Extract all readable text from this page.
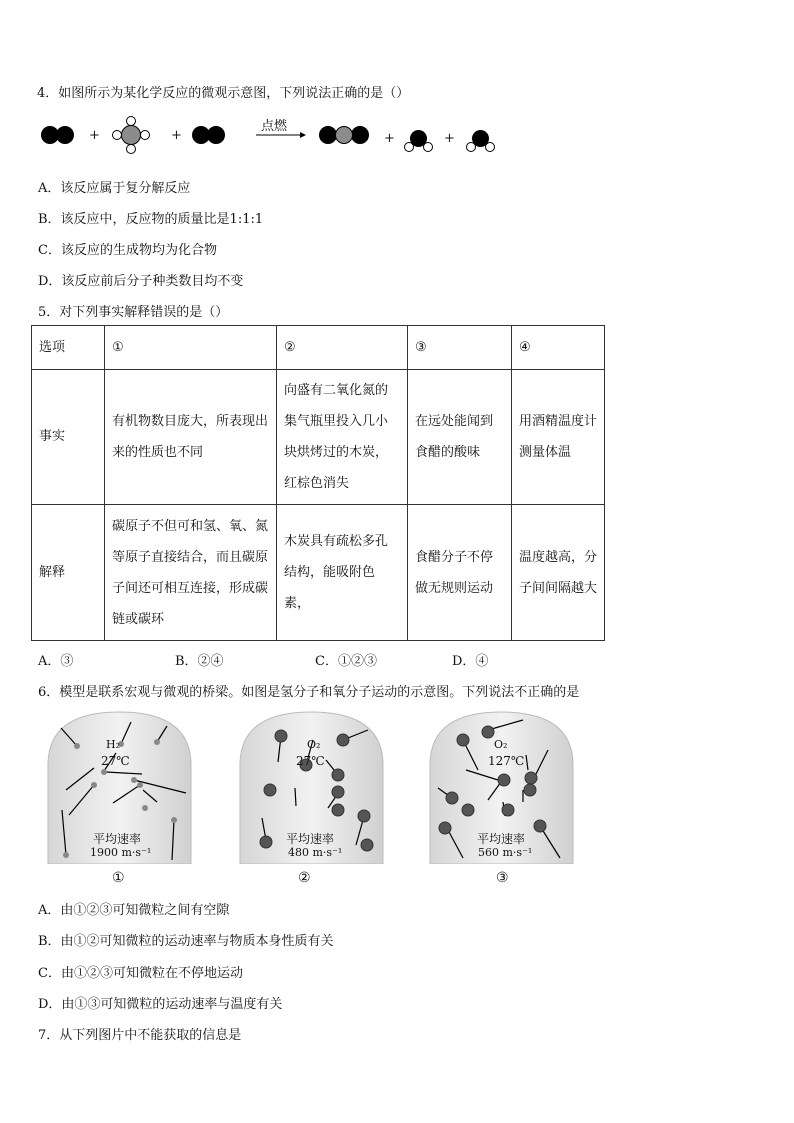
4．如图所示为某化学反应的微观示意图，下列说法正确的是（）
+	+
点燃
+	+
A．该反应属于复分解反应
B．该反应中，反应物的质量比是1:1:1
C．该反应的生成物均为化合物
D．该反应前后分子种类数目均不变
5．对下列事实解释错误的是（）
选项	①	②	③	④
事实	有机物数目庞大，所表现出来的性质也不同	向盛有二氧化氮的集气瓶里投入几小块烘烤过的木炭，红棕色消失	在远处能闻到食醋的酸味	用酒精温度计测量体温

解释	碳原子不但可和氢、氧、氮等原子直接结合，而且碳原子间还可相互连接，形成碳链或碳环	木炭具有疏松多孔结构，能吸附色素，	食醋分子不停做无规则运动	温度越高，分子间间隔越大
A．③	B．②④	C．①②③	D．④
6．模型是联系宏观与微观的桥梁。如图是氢分子和氧分子运动的示意图。下列说法不正确的是
H₂
27℃
平均速率
1900 m·s⁻¹
①
O₂
27℃
平均速率
480 m·s⁻¹
②
O₂
127℃
平均速率
560 m·s⁻¹
③
A．由①②③可知微粒之间有空隙
B．由①②可知微粒的运动速率与物质本身性质有关
C．由①②③可知微粒在不停地运动
D．由①③可知微粒的运动速率与温度有关
7．从下列图片中不能获取的信息是
